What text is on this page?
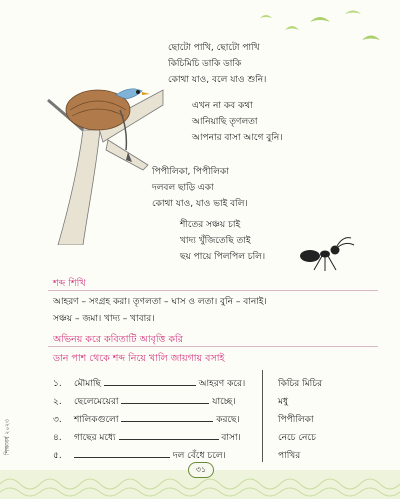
ছোটো পাখি, ছোটো পাখি
কিচিমিচি ডাকি ডাকি
কোথা যাও, বলে যাও শুনি।
এখন না কব কথা
আনিয়াছি তৃণলতা
আপনার বাসা আগে বুনি।
পিপীলিকা, পিপীলিকা
দলবল ছাড়ি একা
কোথা যাও, যাও ভাই বলি।
শীতের সঞ্চয় চাই
খাদ্য খুঁজিতেছি তাই
ছয় পায়ে পিলপিল চলি।
শব্দ শিখি
আহরণ – সংগ্রহ করা। তৃণলতা – ঘাস ও লতা। বুনি – বানাই।
সঞ্চয় – জমা। খাদ্য – খাবার।
অভিনয় করে কবিতাটি আবৃত্তি করি
ডান পাশ থেকে শব্দ নিয়ে খালি জায়গায় বসাই
১. মৌমাছি	আহরণ করে।
২. ছেলেমেয়েরা	যাচ্ছে।
৩. শালিকগুলো	করছে।
৪. গাছের মধ্যে	বাসা।
৫.	দল বেঁধে চলে।
কিচির মিচির
মধু
পিপীলিকা
নেচে নেচে
পাখির
শিক্ষাবর্ষ ২০২৩
৩১
